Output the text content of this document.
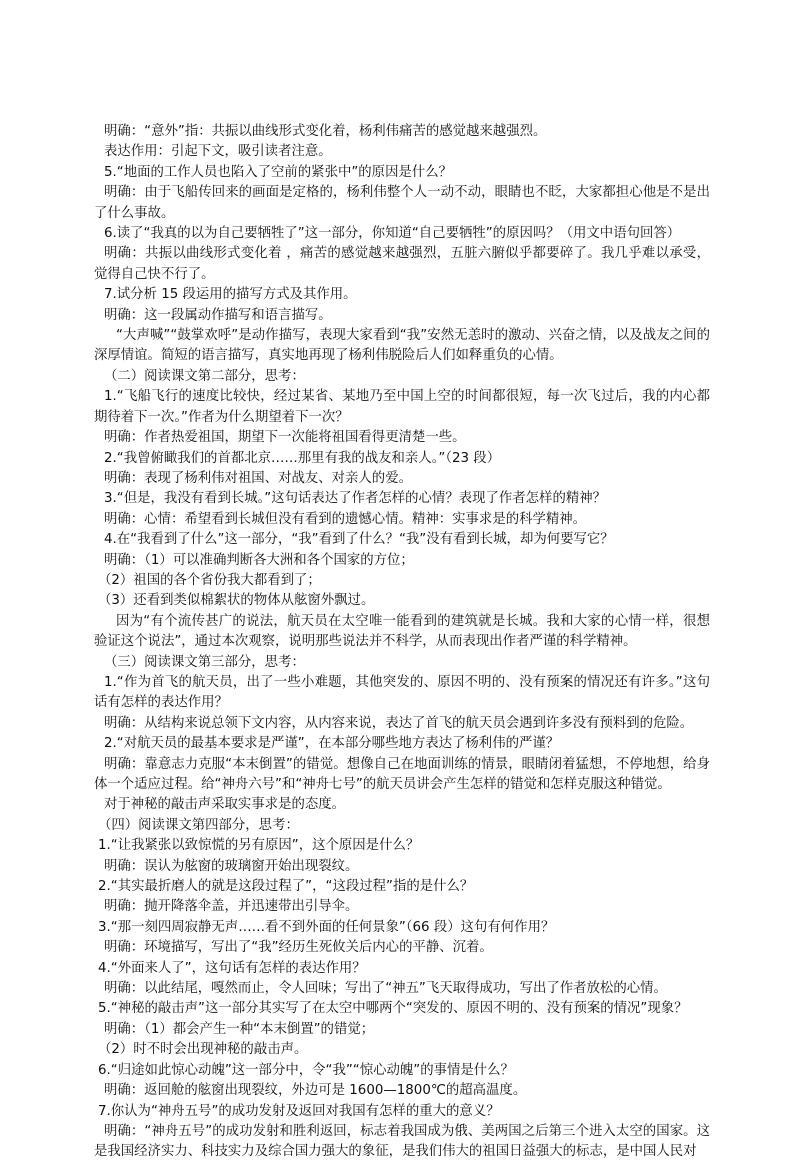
明确：“意外”指：共振以曲线形式变化着，杨利伟痛苦的感觉越来越强烈。

表达作用：引起下文，吸引读者注意。

5.“地面的工作人员也陷入了空前的紧张中”的原因是什么？

明确：由于飞船传回来的画面是定格的，杨利伟整个人一动不动，眼睛也不眨，大家都担心他是不是出了什么事故。

6.读了“我真的以为自己要牺牲了”这一部分，你知道“自己要牺牲”的原因吗？（用文中语句回答）

明确：共振以曲线形式变化着 ，痛苦的感觉越来越强烈，五脏六腑似乎都要碎了。我几乎难以承受，觉得自己快不行了。

7.试分析 15 段运用的描写方式及其作用。

明确：这一段属动作描写和语言描写。

“大声喊”“鼓掌欢呼”是动作描写，表现大家看到“我”安然无恙时的激动、兴奋之情，以及战友之间的深厚情谊。简短的语言描写，真实地再现了杨利伟脱险后人们如释重负的心情。

（二）阅读课文第二部分，思考：

1.“飞船飞行的速度比较快，经过某省、某地乃至中国上空的时间都很短，每一次飞过后，我的内心都期待着下一次。”作者为什么期望着下一次？

明确：作者热爱祖国，期望下一次能将祖国看得更清楚一些。

2.“我曾俯瞰我们的首都北京……那里有我的战友和亲人。”（23 段）

明确：表现了杨利伟对祖国、对战友、对亲人的爱。

3.“但是，我没有看到长城。”这句话表达了作者怎样的心情？表现了作者怎样的精神？

明确：心情：希望看到长城但没有看到的遗憾心情。精神：实事求是的科学精神。

4.在“我看到了什么”这一部分，“我”看到了什么？“我”没有看到长城，却为何要写它？

明确：（1）可以准确判断各大洲和各个国家的方位；

（2）祖国的各个省份我大都看到了；

（3）还看到类似棉絮状的物体从舷窗外飘过。

因为“有个流传甚广的说法，航天员在太空唯一能看到的建筑就是长城。我和大家的心情一样，很想验证这个说法”，通过本次观察，说明那些说法并不科学，从而表现出作者严谨的科学精神。

（三）阅读课文第三部分，思考：

1.“作为首飞的航天员，出了一些小难题，其他突发的、原因不明的、没有预案的情况还有许多。”这句话有怎样的表达作用？

明确：从结构来说总领下文内容，从内容来说，表达了首飞的航天员会遇到许多没有预料到的危险。

2.“对航天员的最基本要求是严谨”，在本部分哪些地方表达了杨利伟的严谨？

明确：靠意志力克服“本末倒置”的错觉。想像自己在地面训练的情景，眼睛闭着猛想，不停地想，给身体一个适应过程。给“神舟六号”和“神舟七号”的航天员讲会产生怎样的错觉和怎样克服这种错觉。

对于神秘的敲击声采取实事求是的态度。

（四）阅读课文第四部分，思考：

1.“让我紧张以致惊慌的另有原因”，这个原因是什么？

明确：误认为舷窗的玻璃窗开始出现裂纹。

2.“其实最折磨人的就是这段过程了”，“这段过程”指的是什么？

明确：抛开降落伞盖，并迅速带出引导伞。

3.“那一刻四周寂静无声……看不到外面的任何景象”（66 段）这句有何作用？

明确：环境描写，写出了“我”经历生死攸关后内心的平静、沉着。

4.“外面来人了”，这句话有怎样的表达作用？

明确：以此结尾，嘎然而止，令人回味；写出了“神五”飞天取得成功，写出了作者放松的心情。

5.“神秘的敲击声”这一部分其实写了在太空中哪两个“突发的、原因不明的、没有预案的情况”现象？

明确：（1）都会产生一种“本末倒置”的错觉；

（2）时不时会出现神秘的敲击声。

6.“归途如此惊心动魄”这一部分中，令“我”“惊心动魄”的事情是什么？

明确：返回舱的舷窗出现裂纹，外边可是 1600—1800℃的超高温度。

7.你认为“神舟五号”的成功发射及返回对我国有怎样的重大的意义？

明确：“神舟五号”的成功发射和胜利返回，标志着我国成为俄、美两国之后第三个进入太空的国家。这是我国经济实力、科技实力及综合国力强大的象征，是我们伟大的祖国日益强大的标志，是中国人民对
